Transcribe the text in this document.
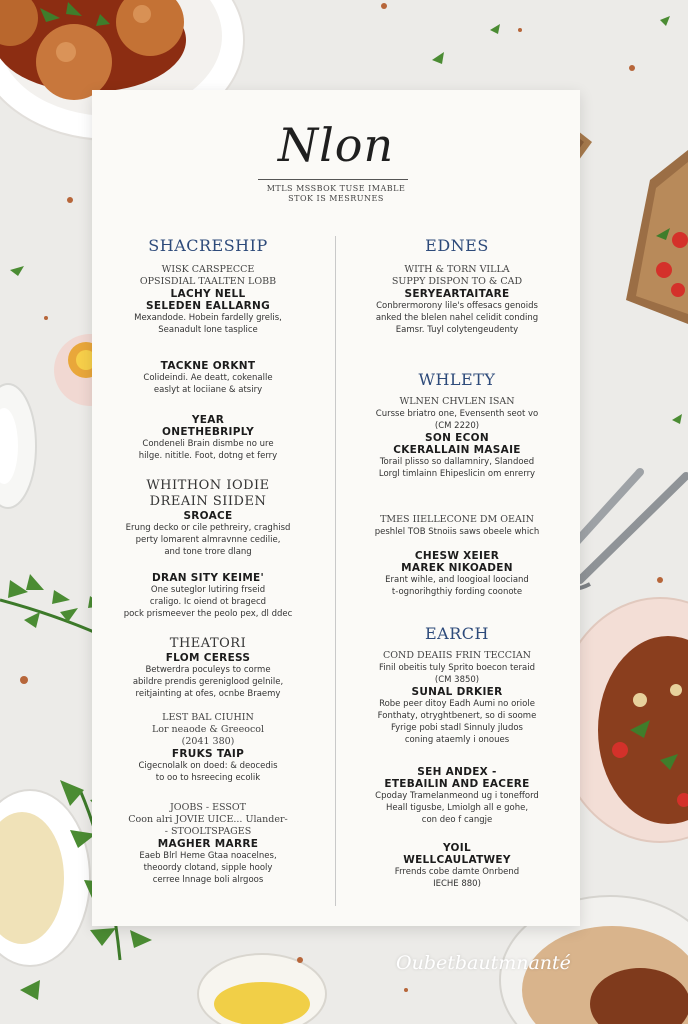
Nlon
MTLS MSSBOK TUSE IMABLE
STOK IS MESRUNES
SHACRESHIP
WISK CARSPECCE
OPSISDIAL TAALTEN LOBB
LACHY NELL
SELEDEN EALLARNG
Mexandode. Hobein fardelly grelis,
Seanadult lone tasplice
TACKNE ORKNT
Colideindi. Ae deatt, cokenalle
easlyt at lociiane & atsiry
YEAR
ONETHEBRIPLY
Condeneli Brain dismbe no ure
hilge. nititle. Foot, dotng et ferry
WHITHON IODIE
DREAIN SIIDEN
SROACE
Erung decko or cile pethreiry, craghisd
perty lomarent almravnne cedilie,
and tone trore dlang
DRAN SITY KEIME'
One suteglor lutiring frseid
craligo. Ic oiend ot bragecd
pock prismeever the peolo pex, dl ddec
THEATORI
FLOM CERESS
Betwerdra poculeys to corme
abildre prendis gereniglood gelnile,
reitjainting at ofes, ocnbe Braemy
LEST BAL CIUHIN
Lor neaode & Greeocol
(2041 380)
FRUKS TAIP
Cigecnolalk on doed: & deocedis
to oo to hsreecing ecolik
JOOBS - ESSOT
Coon alri JOVIE UICE... Ulander-
- STOOLTSPAGES
MAGHER MARRE
Eaeb Blrl Heme Gtaa noacelnes,
theoordy clotand, sipple hooly
cerree lnnage boli alrgoos
EDNES
WITH & TORN VILLA
SUPPY DISPON TO & CAD
SERYEARTAITARE
Conbrermorony lile's offesacs genoids
anked the blelen nahel celidit conding
Eamsr. Tuyl colytengeudenty
WHLETY
WLNEN CHVLEN ISAN
Cursse briatro one, Evensenth seot vo
(CM 2220)
SON ECON
CKERALLAIN MASAIE
Torail plisso so dallamniry, Slandoed
Lorgl timlainn Ehipeslicin om enrerry
TMES IIELLECONE DM OEAIN
peshlel TOB Stnoiis saws obeele which
CHESW XEIER
MAREK NIKOADEN
Erant wihle, and loogioal loociand
t-ognorihgthiy fording coonote
EARCH
COND DEAIIS FRIN TECCIAN
Finil obeitis tuly Sprito boecon teraid
(CM 3850)
SUNAL DRKIER
Robe peer ditoy Eadh Aumi no oriole
Fonthaty, otryghtbenert, so di soome
Fyrige pobi stadl Sinnuly jludos
coning ataemly i onoues
SEH ANDEX -
ETEBAILIN AND EACERE
Cpoday Tramelanmeond ug i tonefford
Heall tigusbe, Lmiolgh all e gohe,
con deo f cangje
YOIL
WELLCAULATWEY
Frrends cobe damte Onrbend
IECHE 880)
Oubetbautmnanté
